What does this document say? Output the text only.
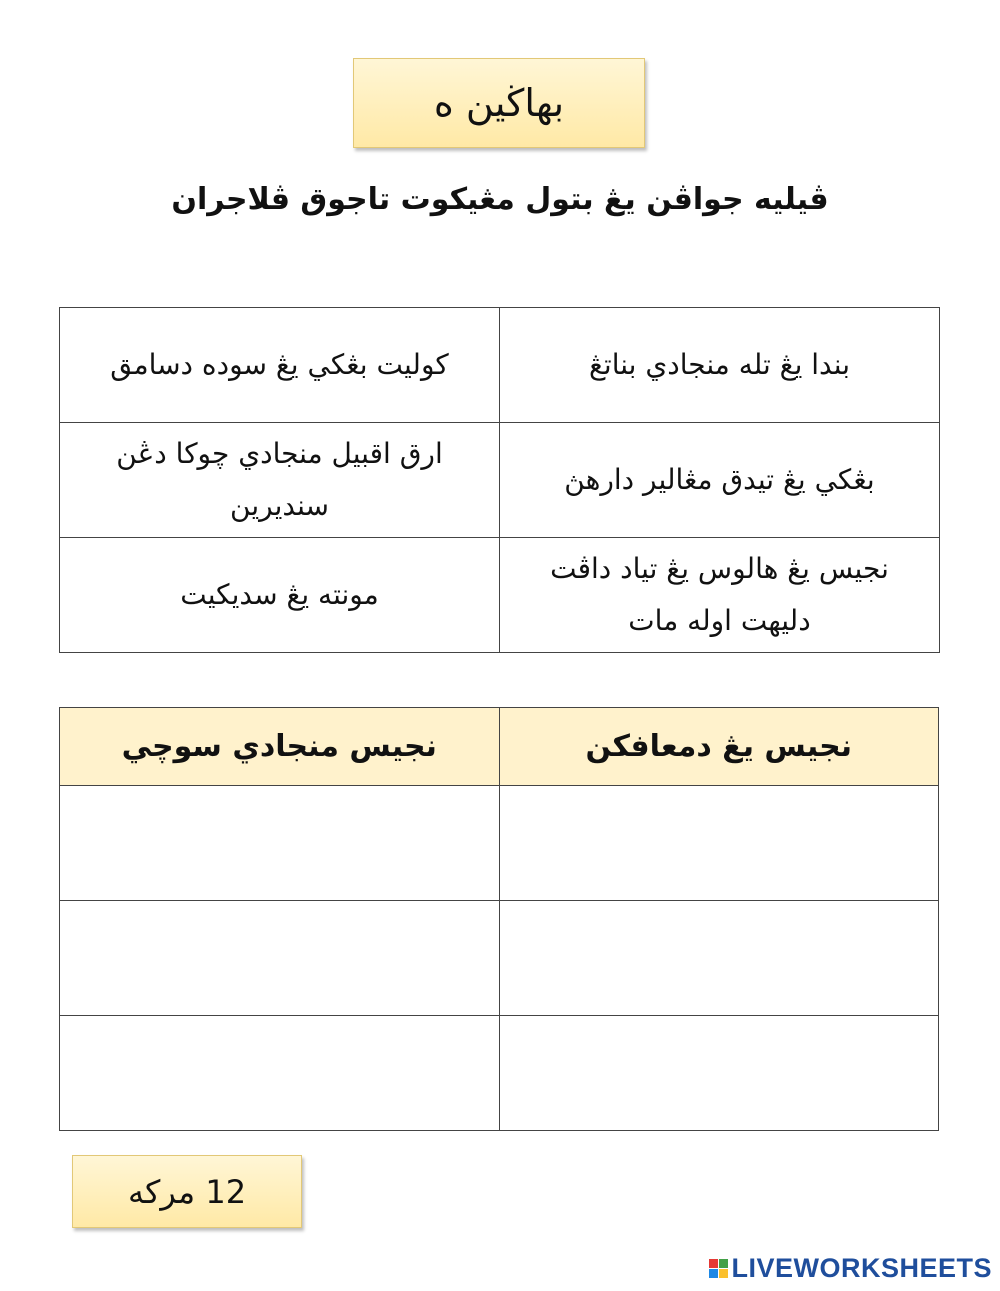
بهاڬين ه
ڤيليه جواڤن يڠ بتول مڠيكوت تاجوق ڤلاجران
كوليت بڠكي يڠ سوده دسامق	بندا يڠ تله منجادي بناتڠ
ارق اقبيل منجادي چوكا دڠن سنديرين	بڠكي يڠ تيدق مڠالير دارهڽ
مونته يڠ سديكيت	نجيس يڠ هالوس يڠ تياد داڤت دليهت اوله مات
نجيس منجادي سوچي	نجيس يڠ دمعافكن

12 مركه
LIVEWORKSHEETS
